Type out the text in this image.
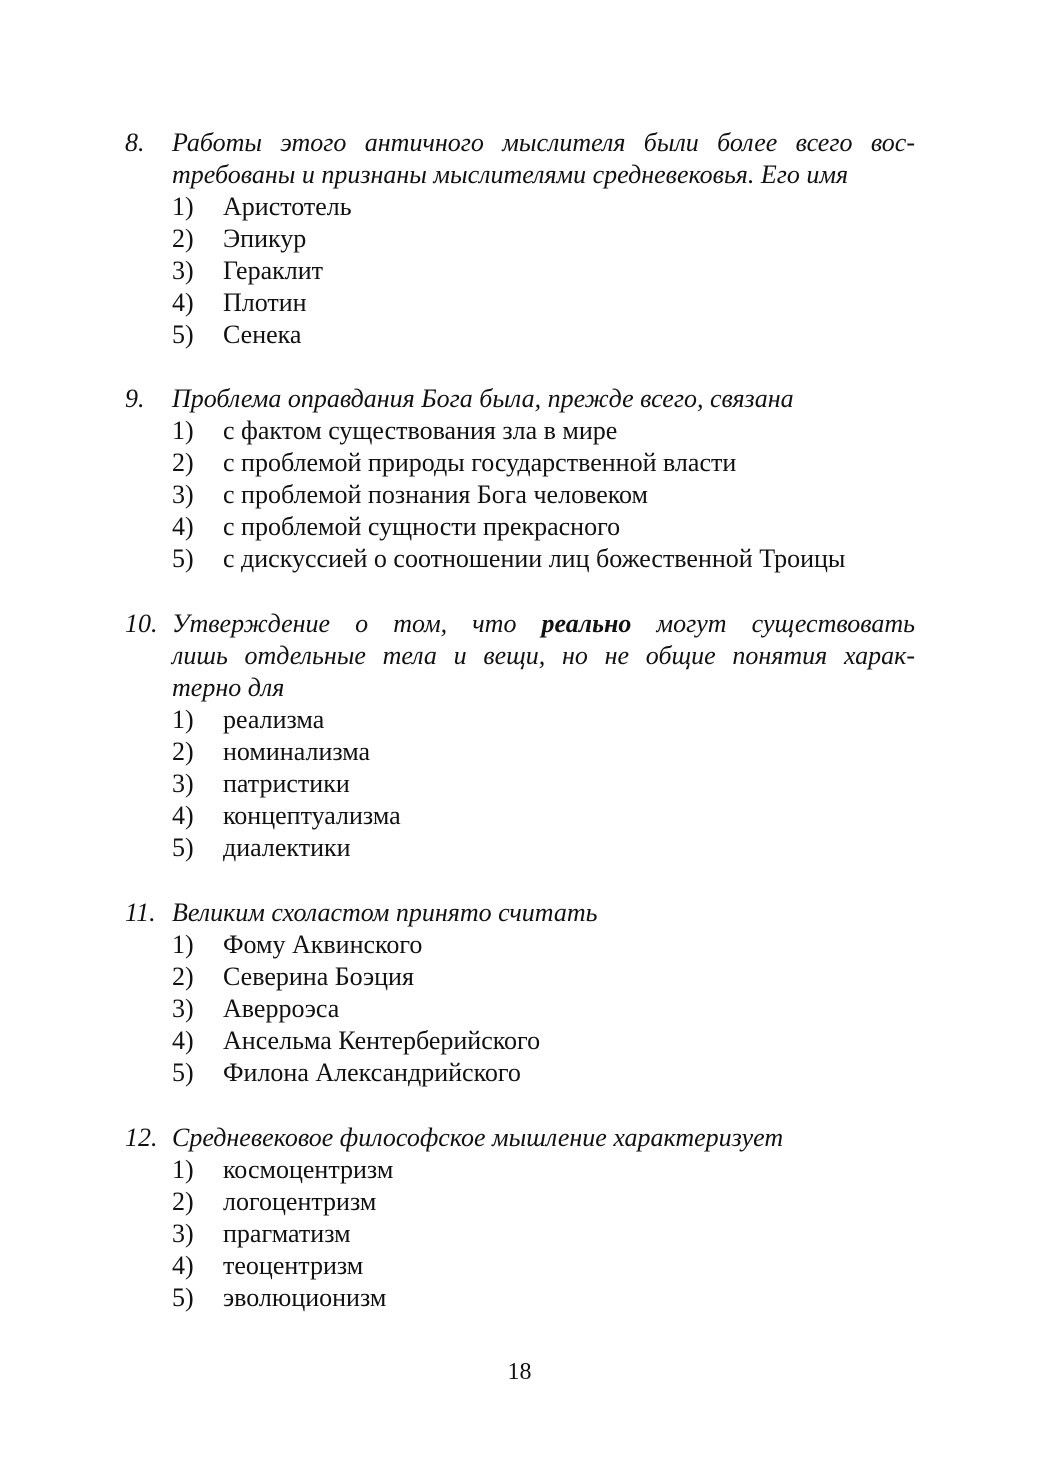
8.	Работы этого античного мыслителя были более всего вос-
требованы и признаны мыслителями средневековья. Его имя
1)	Аристотель
2)	Эпикур
3)	Гераклит
4)	Плотин
5)	Сенека
9.	Проблема оправдания Бога была, прежде всего, связана
1)	с фактом существования зла в мире
2)	с проблемой природы государственной власти
3)	с проблемой познания Бога человеком
4)	с проблемой сущности прекрасного
5)	с дискуссией о соотношении лиц божественной Троицы
10. Утверждение о том, что реально могут существовать
лишь отдельные тела и вещи, но не общие понятия харак-
терно для
1)	реализма
2)	номинализма
3)	патристики
4)	концептуализма
5)	диалектики
11. Великим схоластом принято считать
1)	Фому Аквинского
2)	Северина Боэция
3)	Аверроэса
4)	Ансельма Кентерберийского
5)	Филона Александрийского
12. Средневековое философское мышление характеризует
1)	космоцентризм
2)	логоцентризм
3)	прагматизм
4)	теоцентризм
5)	эволюционизм
18
